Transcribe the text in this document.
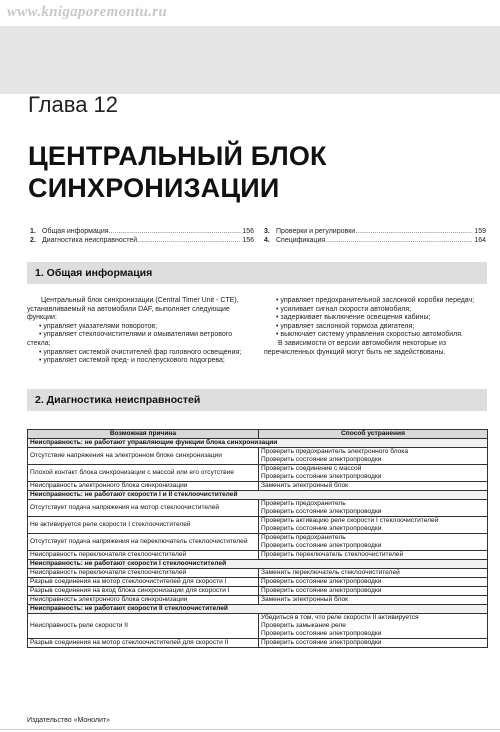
www.knigaporemontu.ru
Глава 12
ЦЕНТРАЛЬНЫЙ БЛОК
СИНХРОНИЗАЦИИ
1. Общая информация .....	156
2. Диагностика неисправностей .....	156
3. Проверки и регулировки .....	159
4. Спецификация .....	164
1. Общая информация

Центральный блок синхронизации (Central Timer Unit - CTE), устанавливаемый на автомобили DAF, выполняет следующие функции:

• управляет указателями поворотов;

• управляет стеклоочистителями и омывателями ветрового стекла;

• управляет системой очистителей фар головного освещения;

• управляет системой пред- и послепускового подогрева;

• управляет предохранительной заслонкой коробки передач;

• усиливает сигнал скорости автомобиля;

• задерживает выключение освещения кабины;

• управляет заслонкой тормоза двигателя;

• выключает систему управления скоростью автомобиля.

В зависимости от версии автомобиля некоторые из перечисленных функций могут быть не задействованы.

2. Диагностика неисправностей
Возможная причина	Способ устранения
Неисправность: не работают управляющие функции блока синхронизации	
Отсутствие напряжения на электронном блоке синхронизации	Проверить предохранитель электронного блока
Проверить состояние электропроводки
Плохой контакт блока синхронизации с массой или его отсутствие	Проверить соединение с массой
Проверить состояние электропроводки
Неисправность электронного блока синхронизации	Заменить электронный блок
Неисправность: не работают скорости I и II стеклоочистителей	
Отсутствует подача напряжения на мотор стеклоочистителей	Проверить предохранитель
Проверить состояние электропроводки
Не активируется реле скорости I стеклоочистителей	Проверить активацию реле скорости I стеклоочистителей
Проверить состояние электропроводки
Отсутствует подача напряжения на переключатель стеклоочистителей	Проверить предохранитель
Проверить состояние электропроводки
Неисправность переключателя стеклоочистителей	Проверить переключатель стеклоочистителей
Неисправность: не работают скорости I стеклоочистителей	
Неисправность переключателя стеклоочистителей	Заменить переключатель стеклоочистителей
Разрыв соединения на мотор стеклоочистителей для скорости I	Проверить состояние электропроводки
Разрыв соединения на вход блока синхронизации для скорости I	Проверить состояние электропроводки
Неисправность электронного блока синхронизации	Заменить электронный блок
Неисправность: не работают скорости II стеклоочистителей	
Неисправность реле скорости II	Убедиться в том, что реле скорости II активируется
Проверить замыкание реле
Проверить состояние электропроводки
Разрыв соединения на мотор стеклоочистителей для скорости II	Проверить состояние электропроводки
Издательство «Монолит»
